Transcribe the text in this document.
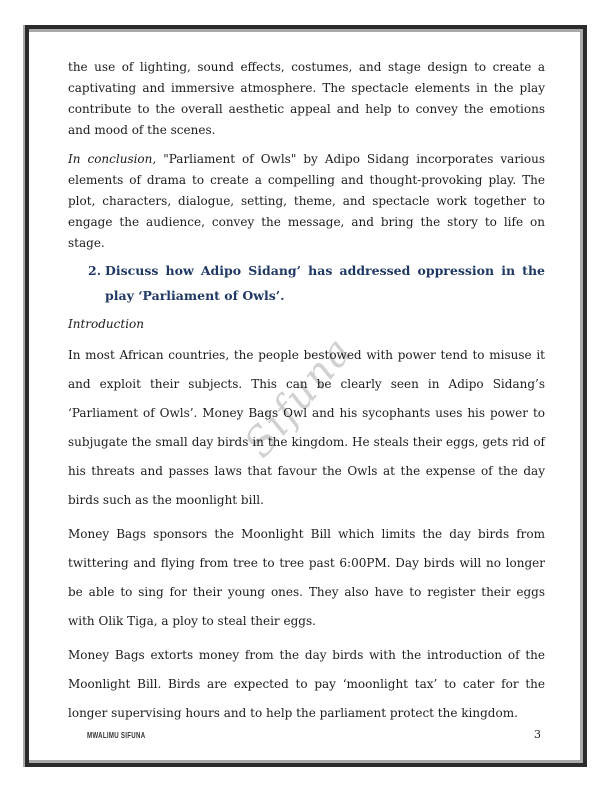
Sifuna

the use of lighting, sound effects, costumes, and stage design to create a captivating and immersive atmosphere. The spectacle elements in the play contribute to the overall aesthetic appeal and help to convey the emotions and mood of the scenes.

In conclusion, "Parliament of Owls" by Adipo Sidang incorporates various elements of drama to create a compelling and thought-provoking play. The plot, characters, dialogue, setting, theme, and spectacle work together to engage the audience, convey the message, and bring the story to life on stage.

2. Discuss how Adipo Sidang’ has addressed oppression in the play ‘Parliament of Owls’.

Introduction

In most African countries, the people bestowed with power tend to misuse it and exploit their subjects. This can be clearly seen in Adipo Sidang’s ‘Parliament of Owls’. Money Bags Owl and his sycophants uses his power to subjugate the small day birds in the kingdom. He steals their eggs, gets rid of his threats and passes laws that favour the Owls at the expense of the day birds such as the moonlight bill.

Money Bags sponsors the Moonlight Bill which limits the day birds from twittering and flying from tree to tree past 6:00PM. Day birds will no longer be able to sing for their young ones. They also have to register their eggs with Olik Tiga, a ploy to steal their eggs.

Money Bags extorts money from the day birds with the introduction of the Moonlight Bill. Birds are expected to pay ‘moonlight tax’ to cater for the longer supervising hours and to help the parliament protect the kingdom.

MWALIMU SIFUNA	3
